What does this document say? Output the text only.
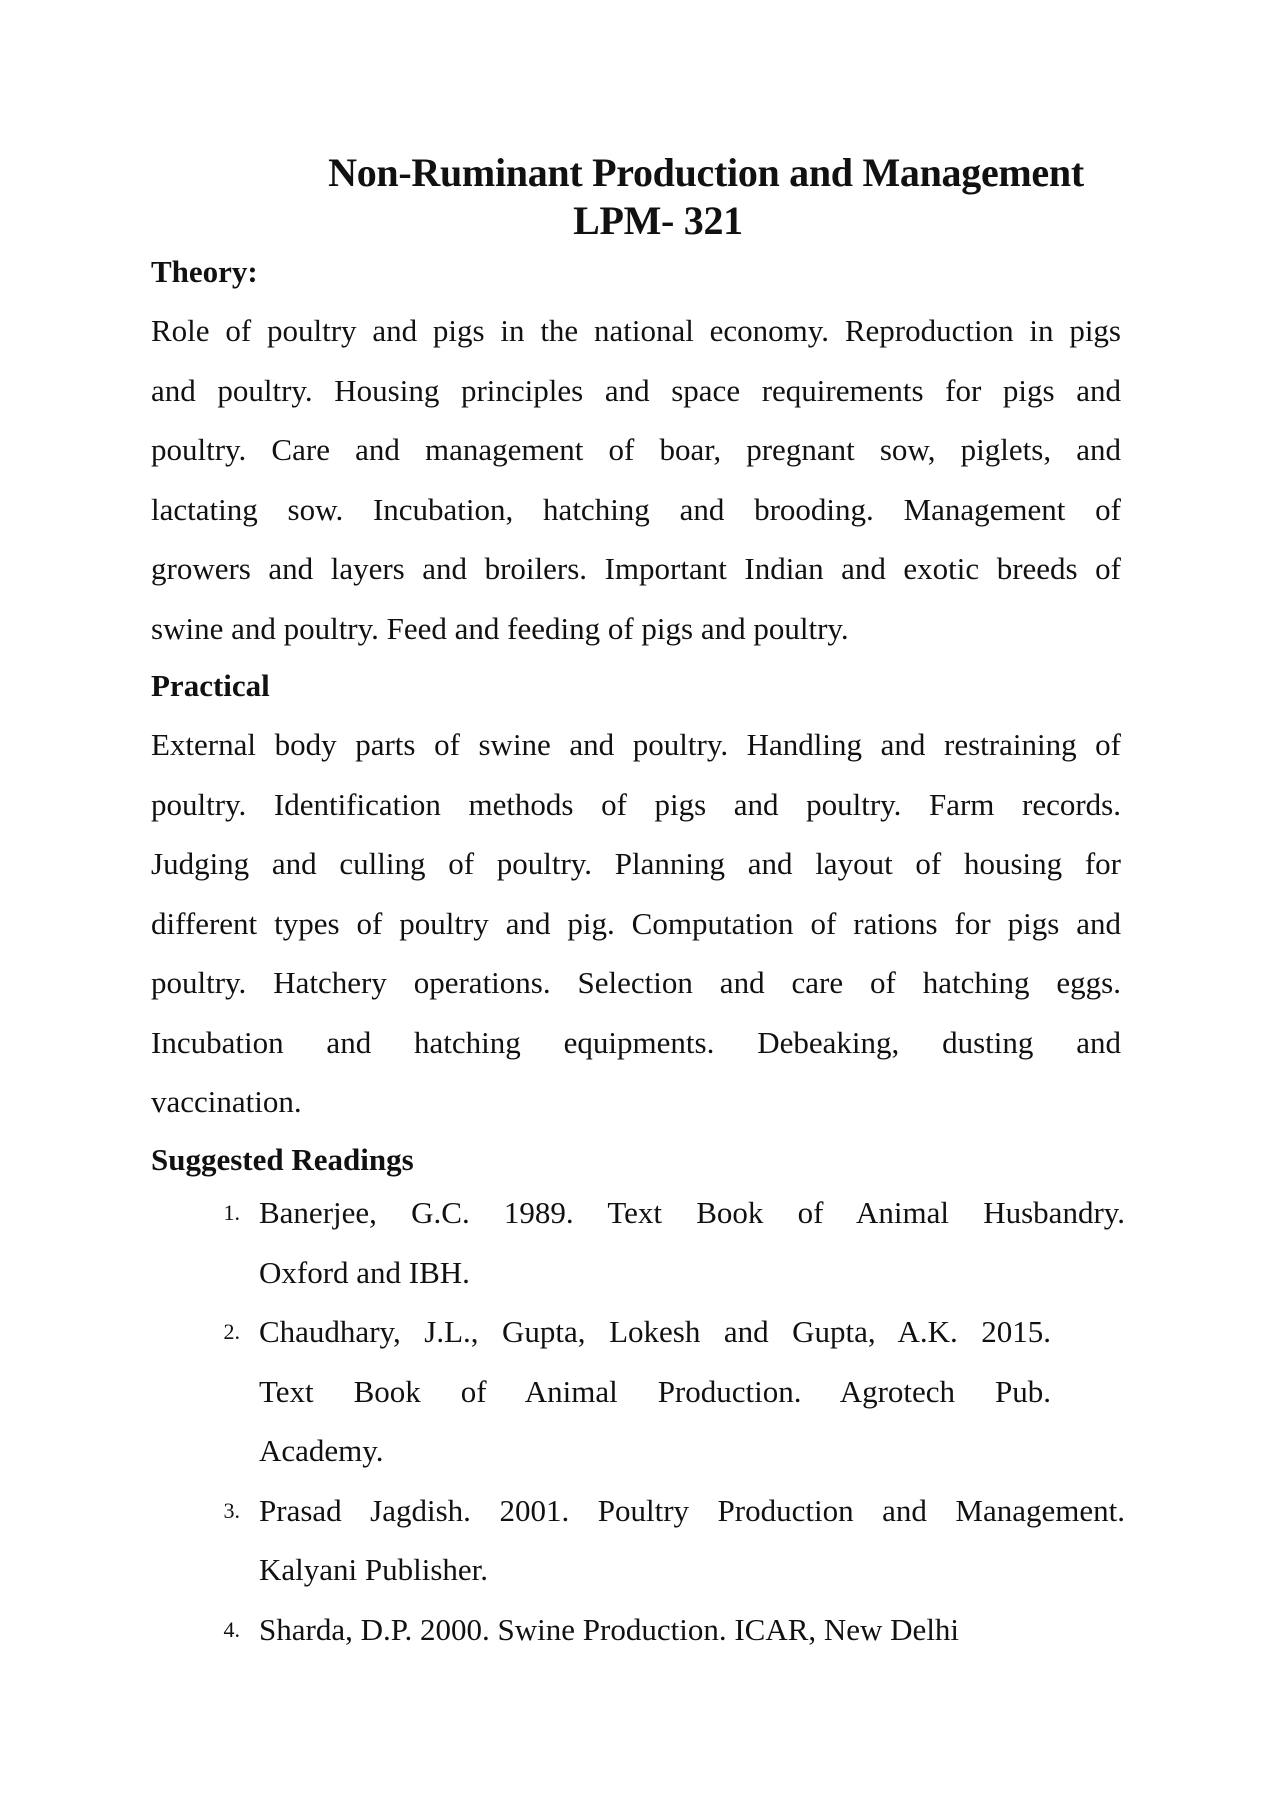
Non-Ruminant Production and Management
LPM- 321
Theory:

Role of poultry and pigs in the national economy. Reproduction in pigs
and poultry. Housing principles and space requirements for pigs and
poultry. Care and management of boar, pregnant sow, piglets, and
lactating sow. Incubation, hatching and brooding. Management of
growers and layers and broilers. Important Indian and exotic breeds of
swine and poultry. Feed and feeding of pigs and poultry.

Practical

External body parts of swine and poultry. Handling and restraining of
poultry. Identification methods of pigs and poultry. Farm records.
Judging and culling of poultry. Planning and layout of housing for
different types of poultry and pig. Computation of rations for pigs and
poultry. Hatchery operations. Selection and care of hatching eggs.
Incubation and hatching equipments. Debeaking, dusting and
vaccination.

Suggested Readings
1. Banerjee, G.C. 1989. Text Book of Animal Husbandry.
Oxford and IBH.
2. Chaudhary, J.L., Gupta, Lokesh and Gupta, A.K. 2015.
Text Book of Animal Production. Agrotech Pub.
Academy.
3. Prasad Jagdish. 2001. Poultry Production and Management.
Kalyani Publisher.
4. Sharda, D.P. 2000. Swine Production. ICAR, New Delhi
